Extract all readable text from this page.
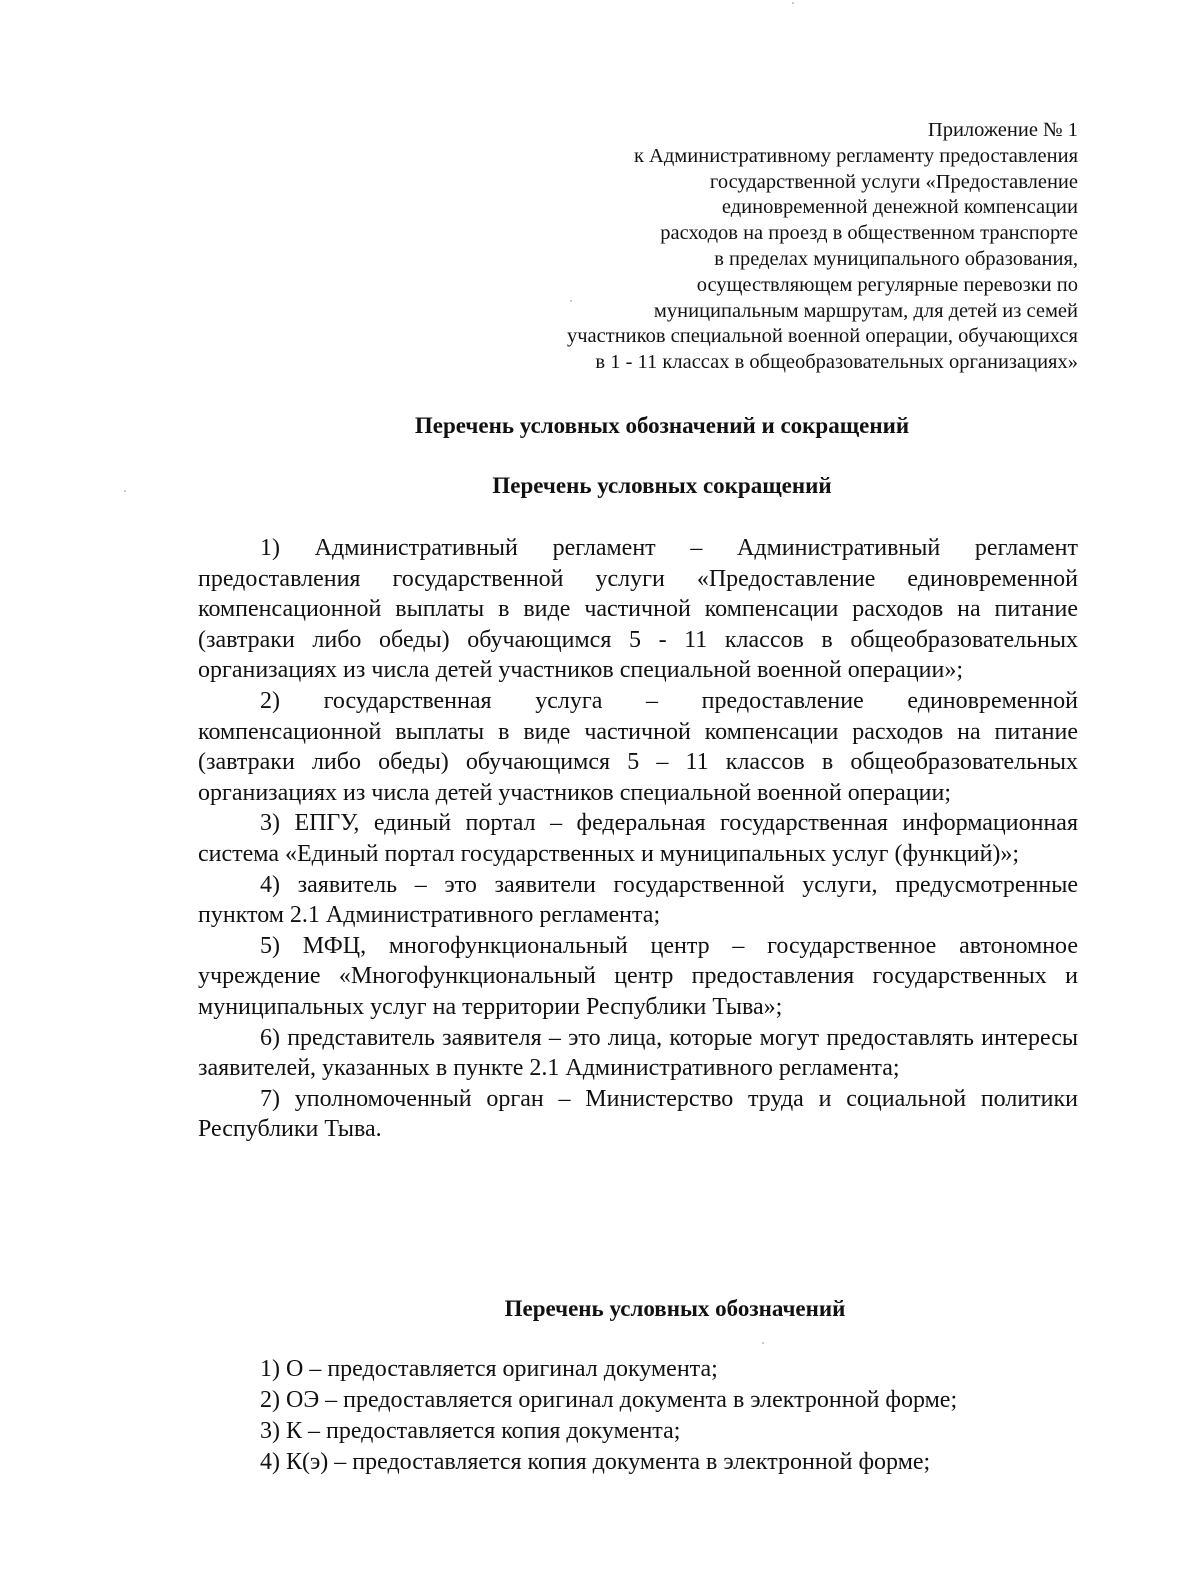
Приложение № 1
к Административному регламенту предоставления
государственной услуги «Предоставление
единовременной денежной компенсации
расходов на проезд в общественном транспорте
в пределах муниципального образования,
осуществляющем регулярные перевозки по
муниципальным маршрутам, для детей из семей
участников специальной военной операции, обучающихся
в 1 - 11 классах в общеобразовательных организациях»
Перечень условных обозначений и сокращений
Перечень условных сокращений

1) Административный регламент – Административный регламент предоставления государственной услуги «Предоставление единовременной компенсационной выплаты в виде частичной компенсации расходов на питание (завтраки либо обеды) обучающимся 5 - 11 классов в общеобразовательных организациях из числа детей участников специальной военной операции»;

2) государственная услуга – предоставление единовременной компенсационной выплаты в виде частичной компенсации расходов на питание (завтраки либо обеды) обучающимся 5 – 11 классов в общеобразовательных организациях из числа детей участников специальной военной операции;

3) ЕПГУ, единый портал – федеральная государственная информационная система «Единый портал государственных и муниципальных услуг (функций)»;

4) заявитель – это заявители государственной услуги, предусмотренные пунктом 2.1 Административного регламента;

5) МФЦ, многофункциональный центр – государственное автономное учреждение «Многофункциональный центр предоставления государственных и муниципальных услуг на территории Республики Тыва»;

6) представитель заявителя – это лица, которые могут предоставлять интересы заявителей, указанных в пункте 2.1 Административного регламента;

7) уполномоченный орган – Министерство труда и социальной политики Республики Тыва.

Перечень условных обозначений
1) О – предоставляется оригинал документа;
2) ОЭ – предоставляется оригинал документа в электронной форме;
3) К – предоставляется копия документа;
4) К(э) – предоставляется копия документа в электронной форме;
